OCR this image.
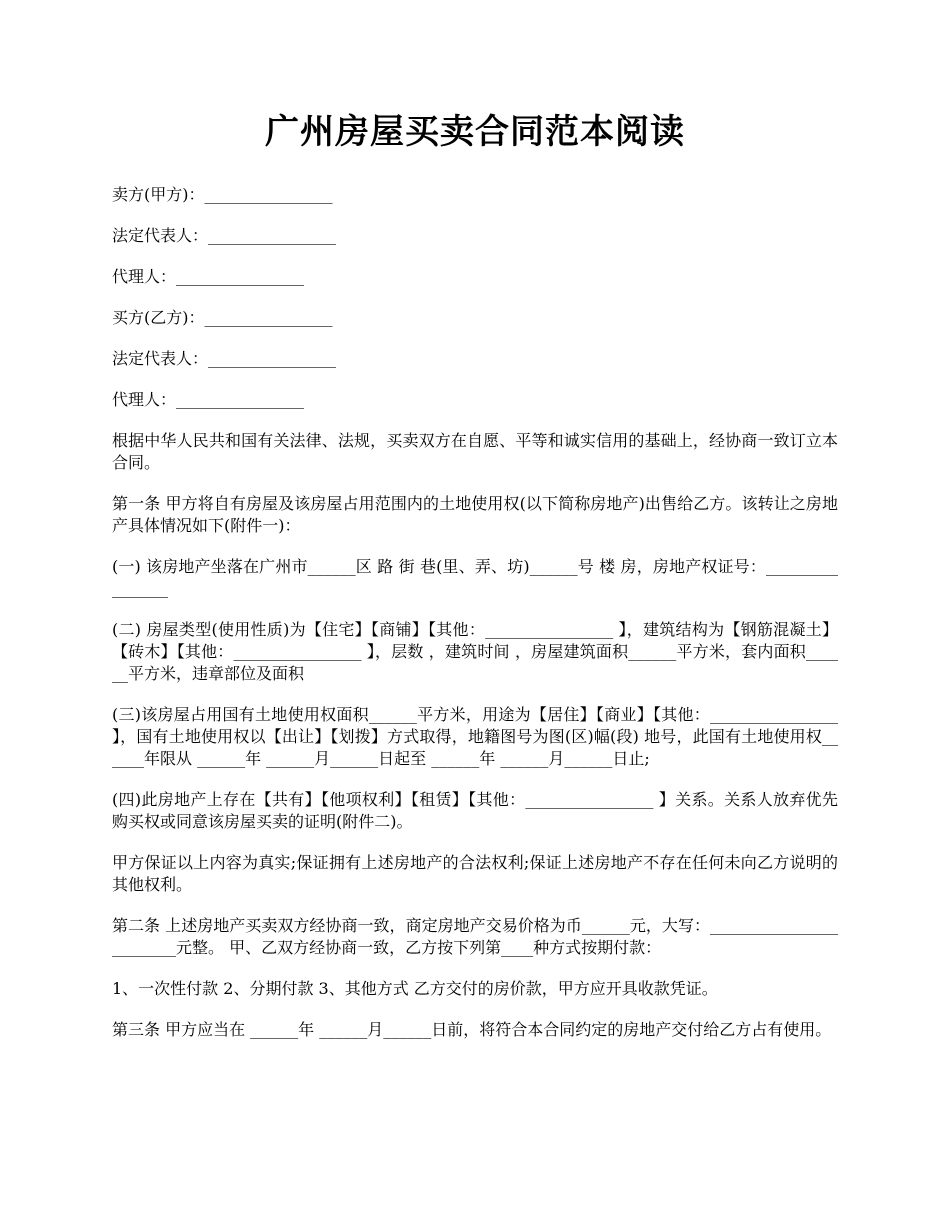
广州房屋买卖合同范本阅读

卖方(甲方)：________________

法定代表人：________________

代理人：________________

买方(乙方)：________________

法定代表人：________________

代理人：________________

根据中华人民共和国有关法律、法规，买卖双方在自愿、平等和诚实信用的基础上，经协商一致订立本合同。

第一条 甲方将自有房屋及该房屋占用范围内的土地使用权(以下简称房地产)出售给乙方。该转让之房地产具体情况如下(附件一)：

(一) 该房地产坐落在广州市______区 路 街 巷(里、弄、坊)______号 楼 房，房地产权证号：________________

(二) 房屋类型(使用性质)为【住宅】【商铺】【其他：________________ 】，建筑结构为【钢筋混凝土】【砖木】【其他：________________ 】，层数 ，建筑时间 ，房屋建筑面积______平方米，套内面积______平方米，违章部位及面积

(三)该房屋占用国有土地使用权面积______平方米，用途为【居住】【商业】【其他：________________ 】，国有土地使用权以【出让】【划拨】方式取得，地籍图号为图(区)幅(段) 地号，此国有土地使用权______年限从 ______年 ______月______日起至 ______年 ______月______日止;

(四)此房地产上存在【共有】【他项权利】【租赁】【其他：________________ 】关系。关系人放弃优先购买权或同意该房屋买卖的证明(附件二)。

甲方保证以上内容为真实;保证拥有上述房地产的合法权利;保证上述房地产不存在任何未向乙方说明的其他权利。

第二条 上述房地产买卖双方经协商一致，商定房地产交易价格为币______元，大写：________________________元整。 甲、乙双方经协商一致，乙方按下列第____种方式按期付款：

1、一次性付款 2、分期付款 3、其他方式 乙方交付的房价款，甲方应开具收款凭证。

第三条 甲方应当在 ______年 ______月______日前，将符合本合同约定的房地产交付给乙方占有使用。
